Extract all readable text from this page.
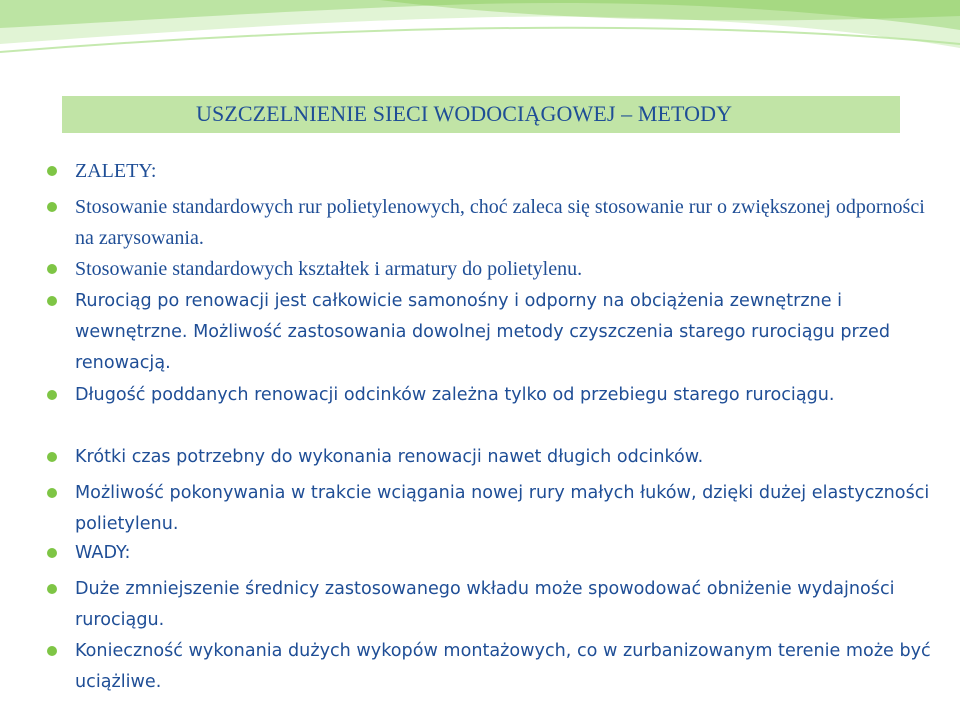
USZCZELNIENIE SIECI WODOCIĄGOWEJ – METODY
ZALETY:
Stosowanie standardowych rur polietylenowych, choć zaleca się stosowanie rur o zwiększonej odporności na zarysowania.
Stosowanie standardowych kształtek i armatury do polietylenu.
Rurociąg po renowacji jest całkowicie samonośny i odporny na obciążenia zewnętrzne i wewnętrzne. Możliwość zastosowania dowolnej metody czyszczenia starego rurociągu przed renowacją.
Długość poddanych renowacji odcinków zależna tylko od przebiegu starego rurociągu.
Krótki czas potrzebny do wykonania renowacji nawet długich odcinków.
Możliwość pokonywania w trakcie wciągania nowej rury małych łuków, dzięki dużej elastyczności polietylenu.
WADY:
Duże zmniejszenie średnicy zastosowanego wkładu może spowodować obniżenie wydajności rurociągu.
Konieczność wykonania dużych wykopów montażowych, co w zurbanizowanym terenie może być uciążliwe.
